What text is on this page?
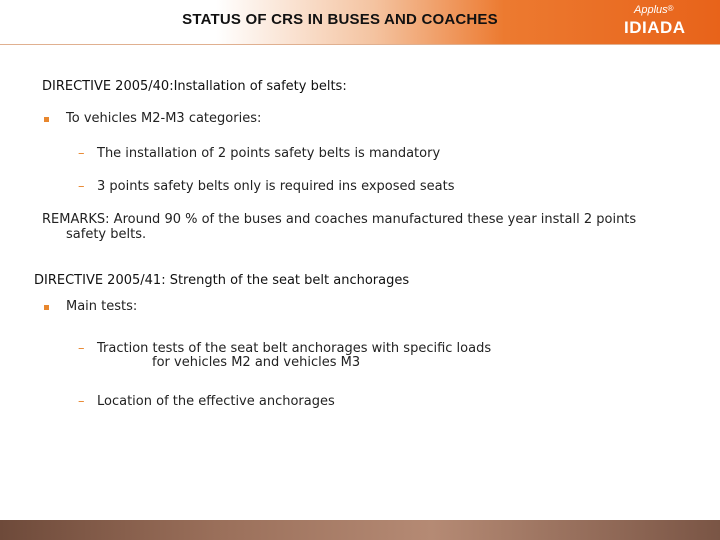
STATUS OF CRS IN BUSES AND COACHES
Applus®
IDIADA
DIRECTIVE 2005/40:Installation of safety belts:
To vehicles M2-M3 categories:
– The installation of 2 points safety belts is mandatory
– 3 points safety belts only is required ins exposed seats
REMARKS: Around 90 % of the buses and coaches manufactured these year install 2 points
safety belts.
DIRECTIVE 2005/41: Strength of the seat belt anchorages
Main tests:
– Traction tests of the seat belt anchorages with specific loads
for vehicles M2 and vehicles M3
– Location of the effective anchorages
